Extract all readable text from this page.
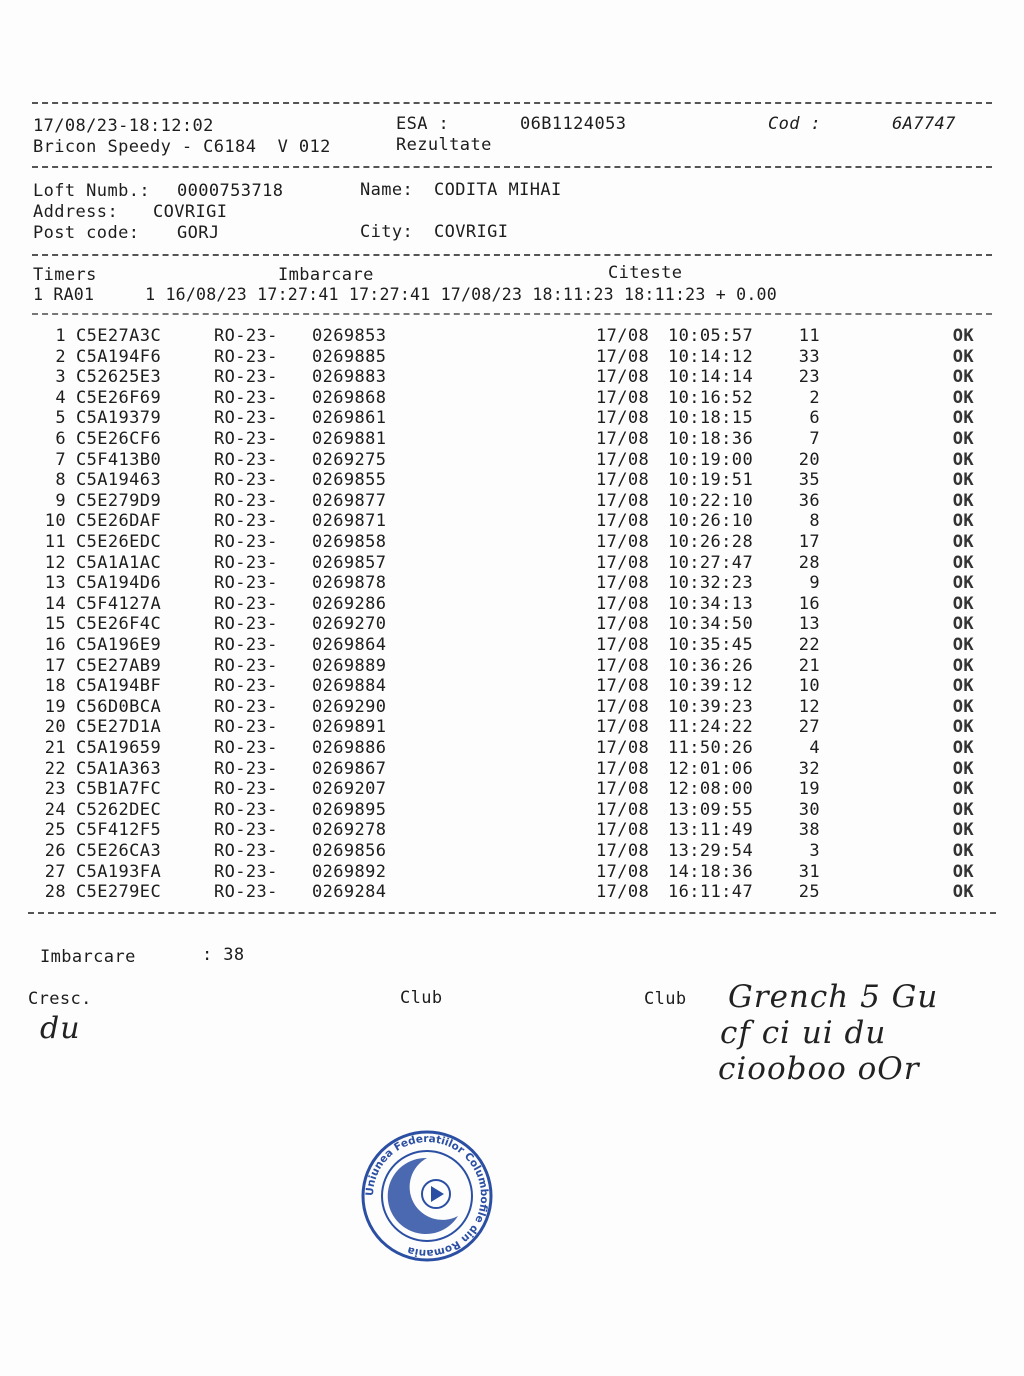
17/08/23-18:12:02	ESA :	06B1124053	Cod :	6A7747
Bricon Speedy - C6184  V 012	Rezultate
Loft Numb.: 0000753718	Name: CODITA MIHAI
Address: COVRIGI
Post code: GORJ	City: COVRIGI
Timers	Imbarcare	Citeste
1 RA01     1 16/08/23 17:27:41 17:27:41 17/08/23 18:11:23 18:11:23 + 0.00
1 C5E27A3C	RO-23- 0269853	17/08 10:05:57	11	OK
2 C5A194F6	RO-23- 0269885	17/08 10:14:12	33	OK
3 C52625E3	RO-23- 0269883	17/08 10:14:14	23	OK
4 C5E26F69	RO-23- 0269868	17/08 10:16:52	2	OK
5 C5A19379	RO-23- 0269861	17/08 10:18:15	6	OK
6 C5E26CF6	RO-23- 0269881	17/08 10:18:36	7	OK
7 C5F413B0	RO-23- 0269275	17/08 10:19:00	20	OK
8 C5A19463	RO-23- 0269855	17/08 10:19:51	35	OK
9 C5E279D9	RO-23- 0269877	17/08 10:22:10	36	OK
10 C5E26DAF	RO-23- 0269871	17/08 10:26:10	8	OK
11 C5E26EDC	RO-23- 0269858	17/08 10:26:28	17	OK
12 C5A1A1AC	RO-23- 0269857	17/08 10:27:47	28	OK
13 C5A194D6	RO-23- 0269878	17/08 10:32:23	9	OK
14 C5F4127A	RO-23- 0269286	17/08 10:34:13	16	OK
15 C5E26F4C	RO-23- 0269270	17/08 10:34:50	13	OK
16 C5A196E9	RO-23- 0269864	17/08 10:35:45	22	OK
17 C5E27AB9	RO-23- 0269889	17/08 10:36:26	21	OK
18 C5A194BF	RO-23- 0269884	17/08 10:39:12	10	OK
19 C56D0BCA	RO-23- 0269290	17/08 10:39:23	12	OK
20 C5E27D1A	RO-23- 0269891	17/08 11:24:22	27	OK
21 C5A19659	RO-23- 0269886	17/08 11:50:26	4	OK
22 C5A1A363	RO-23- 0269867	17/08 12:01:06	32	OK
23 C5B1A7FC	RO-23- 0269207	17/08 12:08:00	19	OK
24 C5262DEC	RO-23- 0269895	17/08 13:09:55	30	OK
25 C5F412F5	RO-23- 0269278	17/08 13:11:49	38	OK
26 C5E26CA3	RO-23- 0269856	17/08 13:29:54	3	OK
27 C5A193FA	RO-23- 0269892	17/08 14:18:36	31	OK
28 C5E279EC	RO-23- 0269284	17/08 16:11:47	25	OK
Imbarcare	: 38
Cresc.	Club	Club
du
Grench 5 Gu
cf ci ui du
ciooboo oOr
Uniunea Federatiilor Columbofile din Romania
